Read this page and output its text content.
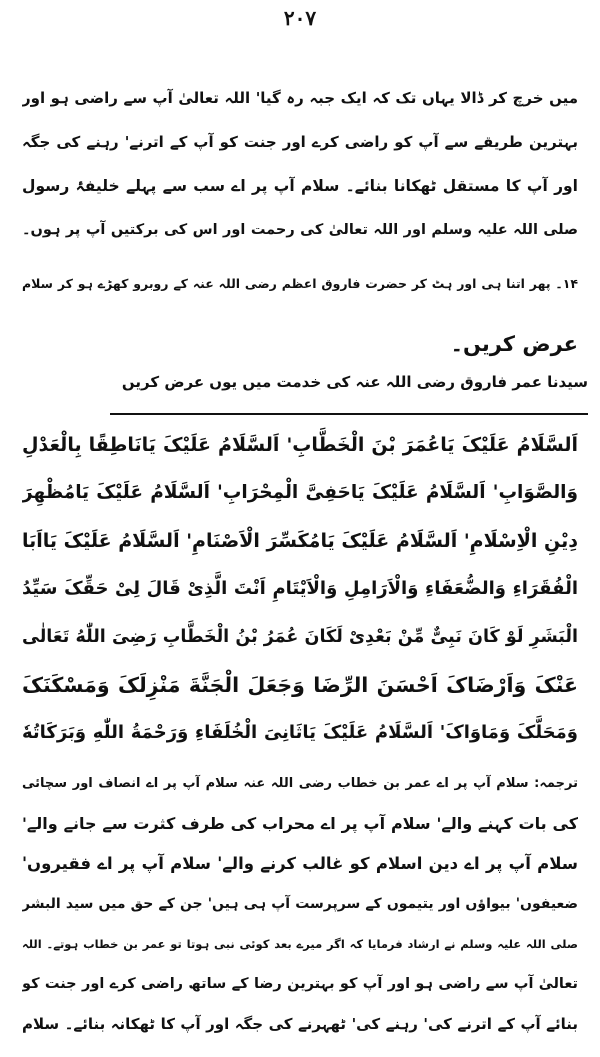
۲۰۷
میں خرچ کر ڈالا یہاں تک کہ ایک جبہ رہ گیا' اللہ تعالیٰ آپ سے راضی ہو اور
بہترین طریقے سے آپ کو راضی کرے اور جنت کو آپ کے اترنے' رہنے کی جگہ
اور آپ کا مستقل ٹھکانا بنائے۔ سلام آپ پر اے سب سے پہلے خلیفۂ رسول
صلی اللہ علیہ وسلم اور اللہ تعالیٰ کی رحمت اور اس کی برکتیں آپ پر ہوں۔
۱۴۔ پھر اتنا ہی اور ہٹ کر حضرت فاروق اعظم رضی اللہ عنہ کے روبرو کھڑے ہو کر سلام
عرض کریں۔
سیدنا عمر فاروق رضی اللہ عنہ کی خدمت میں یوں عرض کریں
اَلسَّلَامُ عَلَیْکَ یَاعُمَرَ بْنَ الْخَطَّابِ' اَلسَّلَامُ عَلَیْکَ یَانَاطِقًا بِالْعَدْلِ
وَالصَّوَابِ' اَلسَّلَامُ عَلَیْکَ یَاحَفِیَّ الْمِحْرَابِ' اَلسَّلَامُ عَلَیْکَ یَامُظْهِرَ
دِیْنِ الْاِسْلَامِ' اَلسَّلَامُ عَلَیْکَ یَامُکَسِّرَ الْاَصْنَامِ' اَلسَّلَامُ عَلَیْکَ یَااَبَا
الْفُقَرَاءِ وَالضُّعَفَاءِ وَالْاَرَامِلِ وَالْاَیْتَامِ اَنْتَ الَّذِیْ قَالَ لِیْ حَقِّکَ سَیِّدُ
الْبَشَرِ لَوْ کَانَ نَبِیٌّ مِّنْ بَعْدِیْ لَکَانَ عُمَرُ بْنُ الْخَطَّابِ رَضِیَ اللّٰهُ تَعَالٰی
عَنْکَ وَاَرْضَاکَ اَحْسَنَ الرِّضَا وَجَعَلَ الْجَنَّةَ مَنْزِلَکَ وَمَسْکَنَکَ
وَمَحَلَّکَ وَمَاوَاکَ' اَلسَّلَامُ عَلَیْکَ یَاثَانِیَ الْخُلَفَاءِ وَرَحْمَةُ اللّٰهِ وَبَرَکَاتُهٗ
ترجمہ: سلام آپ پر اے عمر بن خطاب رضی اللہ عنہ سلام آپ پر اے انصاف اور سچائی
کی بات کہنے والے' سلام آپ پر اے محراب کی طرف کثرت سے جانے والے'
سلام آپ پر اے دین اسلام کو غالب کرنے والے' سلام آپ پر اے فقیروں'
ضعیفوں' بیواؤں اور یتیموں کے سرپرست آپ ہی ہیں' جن کے حق میں سید البشر
صلی اللہ علیہ وسلم نے ارشاد فرمایا کہ اگر میرے بعد کوئی نبی ہوتا تو عمر بن خطاب ہوتے۔ اللہ
تعالیٰ آپ سے راضی ہو اور آپ کو بہترین رضا کے ساتھ راضی کرے اور جنت کو
بنائے آپ کے اترنے کی' رہنے کی' ٹھہرنے کی جگہ اور آپ کا ٹھکانہ بنائے۔ سلام
